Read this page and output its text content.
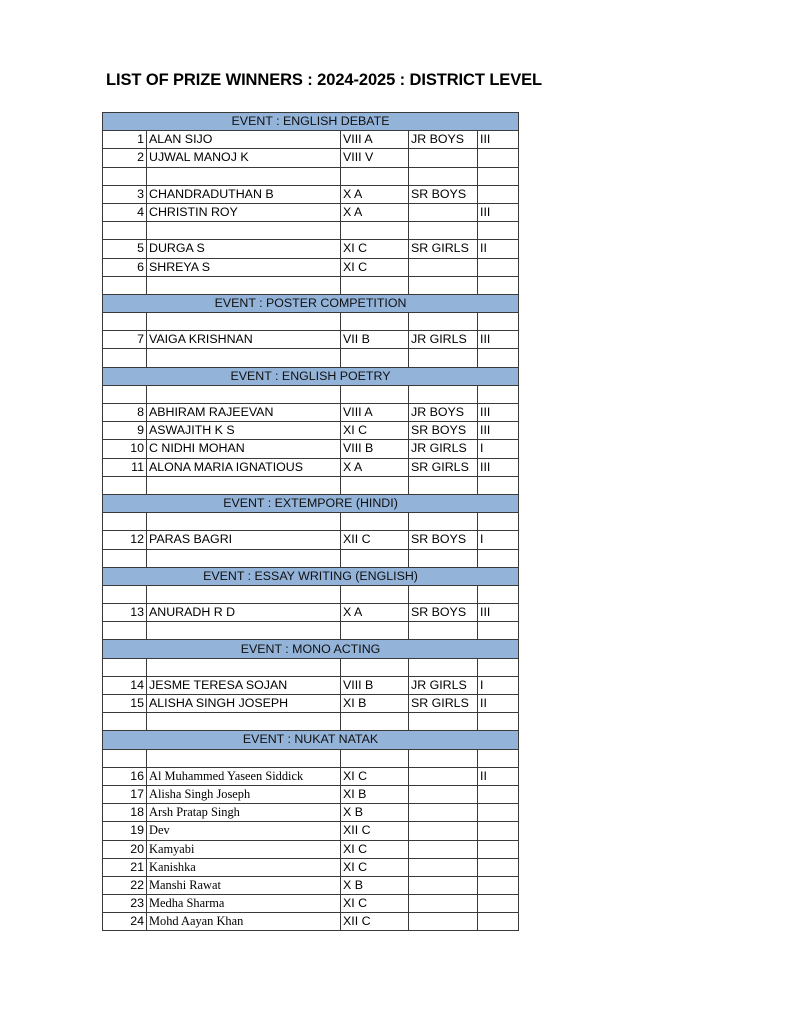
LIST OF PRIZE WINNERS : 2024-2025 : DISTRICT LEVEL
EVENT : ENGLISH DEBATE				
1	ALAN SIJO	VIII A	JR BOYS	III
2	UJWAL MANOJ K	VIII V		

3	CHANDRADUTHAN B	X A	SR BOYS	
4	CHRISTIN ROY	X A		III

5	DURGA S	XI C	SR GIRLS	II
6	SHREYA S	XI C		

EVENT : POSTER COMPETITION				

7	VAIGA KRISHNAN	VII B	JR GIRLS	III

EVENT : ENGLISH POETRY				

8	ABHIRAM RAJEEVAN	VIII A	JR BOYS	III
9	ASWAJITH K S	XI C	SR BOYS	III
10	C NIDHI MOHAN	VIII B	JR GIRLS	I
11	ALONA MARIA IGNATIOUS	X A	SR GIRLS	III

EVENT : EXTEMPORE (HINDI)				

12	PARAS BAGRI	XII C	SR BOYS	I

EVENT : ESSAY WRITING (ENGLISH)				

13	ANURADH R D	X A	SR BOYS	III

EVENT : MONO ACTING				

14	JESME TERESA SOJAN	VIII B	JR GIRLS	I
15	ALISHA SINGH JOSEPH	XI B	SR GIRLS	II

EVENT : NUKAT NATAK				

16	Al Muhammed Yaseen Siddick	XI C		II
17	Alisha Singh Joseph	XI B		
18	Arsh Pratap Singh	X B		
19	Dev	XII C		
20	Kamyabi	XI C		
21	Kanishka	XI C		
22	Manshi Rawat	X B		
23	Medha Sharma	XI C		
24	Mohd Aayan Khan	XII C		
